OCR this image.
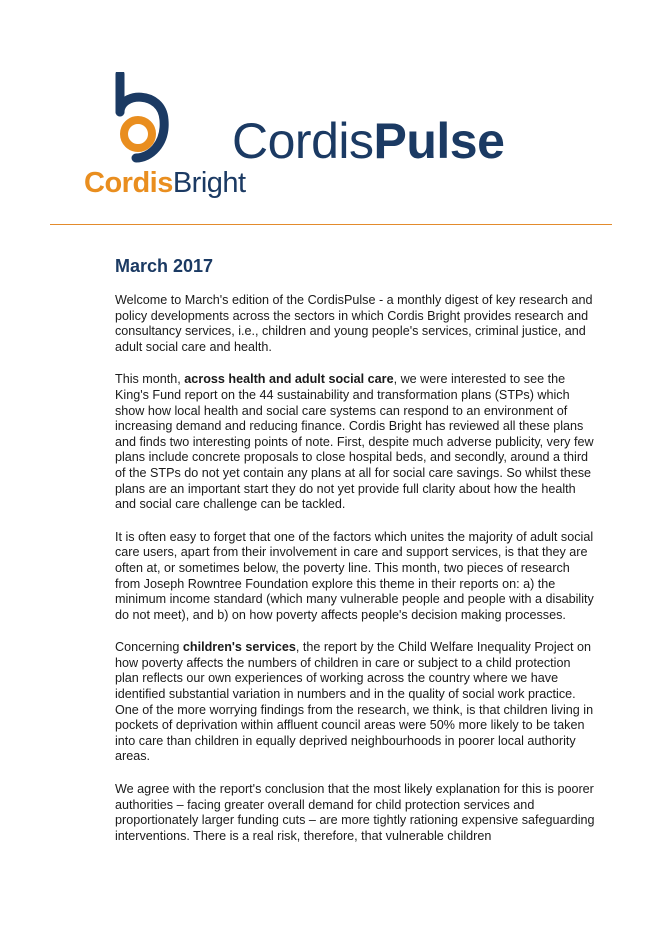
CordisBright
CordisPulse
March 2017

Welcome to March's edition of the CordisPulse - a monthly digest of key research and policy developments across the sectors in which Cordis Bright provides research and consultancy services, i.e., children and young people's services, criminal justice, and adult social care and health.

This month, across health and adult social care, we were interested to see the King's Fund report on the 44 sustainability and transformation plans (STPs) which show how local health and social care systems can respond to an environment of increasing demand and reducing finance. Cordis Bright has reviewed all these plans and finds two interesting points of note. First, despite much adverse publicity, very few plans include concrete proposals to close hospital beds, and secondly, around a third of the STPs do not yet contain any plans at all for social care savings. So whilst these plans are an important start they do not yet provide full clarity about how the health and social care challenge can be tackled.

It is often easy to forget that one of the factors which unites the majority of adult social care users, apart from their involvement in care and support services, is that they are often at, or sometimes below, the poverty line. This month, two pieces of research from Joseph Rowntree Foundation explore this theme in their reports on: a) the minimum income standard (which many vulnerable people and people with a disability do not meet), and b) on how poverty affects people's decision making processes.

Concerning children's services, the report by the Child Welfare Inequality Project on how poverty affects the numbers of children in care or subject to a child protection plan reflects our own experiences of working across the country where we have identified substantial variation in numbers and in the quality of social work practice. One of the more worrying findings from the research, we think, is that children living in pockets of deprivation within affluent council areas were 50% more likely to be taken into care than children in equally deprived neighbourhoods in poorer local authority areas.

We agree with the report's conclusion that the most likely explanation for this is poorer authorities – facing greater overall demand for child protection services and proportionately larger funding cuts – are more tightly rationing expensive safeguarding interventions. There is a real risk, therefore, that vulnerable children
